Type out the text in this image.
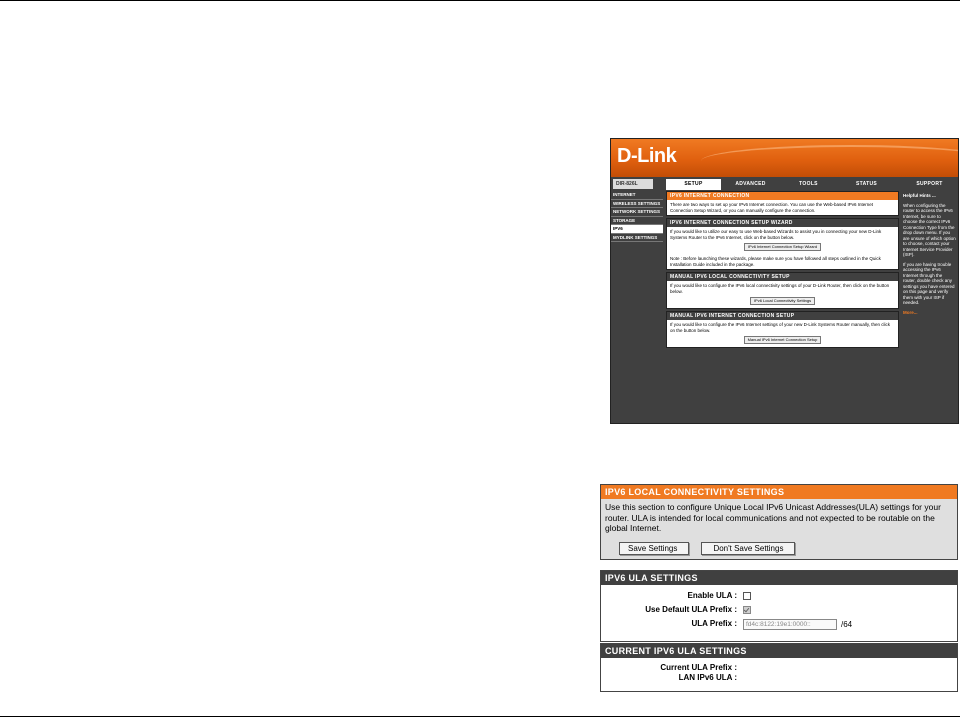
D-Link
DIR-826L	SETUP	ADVANCED	TOOLS	STATUS	SUPPORT
INTERNET
WIRELESS SETTINGS
NETWORK SETTINGS
STORAGE
IPV6
MYDLINK SETTINGS
IPV6 INTERNET CONNECTION
There are two ways to set up your IPv6 Internet connection. You can use the Web-based IPv6 Internet Connection Setup Wizard, or you can manually configure the connection.
IPV6 INTERNET CONNECTION SETUP WIZARD
If you would like to utilize our easy to use Web-based Wizards to assist you in connecting your new D-Link Systems Router to the IPv6 Internet, click on the button below.
IPv6 Internet Connection Setup Wizard
Note : Before launching these wizards, please make sure you have followed all steps outlined in the Quick Installation Guide included in the package.
MANUAL IPV6 LOCAL CONNECTIVITY SETUP
If you would like to configure the IPv6 local connectivity settings of your D-Link Router, then click on the button below.
IPv6 Local Connectivity Settings
MANUAL IPV6 INTERNET CONNECTION SETUP
If you would like to configure the IPv6 Internet settings of your new D-Link Systems Router manually, then click on the button below.
Manual IPv6 Internet Connection Setup
Helpful Hints ...
When configuring the router to access the IPv6 Internet, be sure to choose the correct IPv6 Connection Type from the drop down menu. If you are unsure of which option to choose, contact your Internet Service Provider (ISP).
If you are having trouble accessing the IPv6 Internet through the router, double check any settings you have entered on this page and verify them with your ISP if needed.
More...
IPV6 LOCAL CONNECTIVITY SETTINGS
Use this section to configure Unique Local IPv6 Unicast Addresses(ULA) settings for your router. ULA is intended for local communications and not expected to be routable on the global Internet.
Save Settings	Don't Save Settings
IPV6 ULA SETTINGS
Enable ULA :
Use Default ULA Prefix :
ULA Prefix :	fd4c:8122:19e1:0000::	/64
CURRENT IPV6 ULA SETTINGS
Current ULA Prefix :
LAN IPv6 ULA :
